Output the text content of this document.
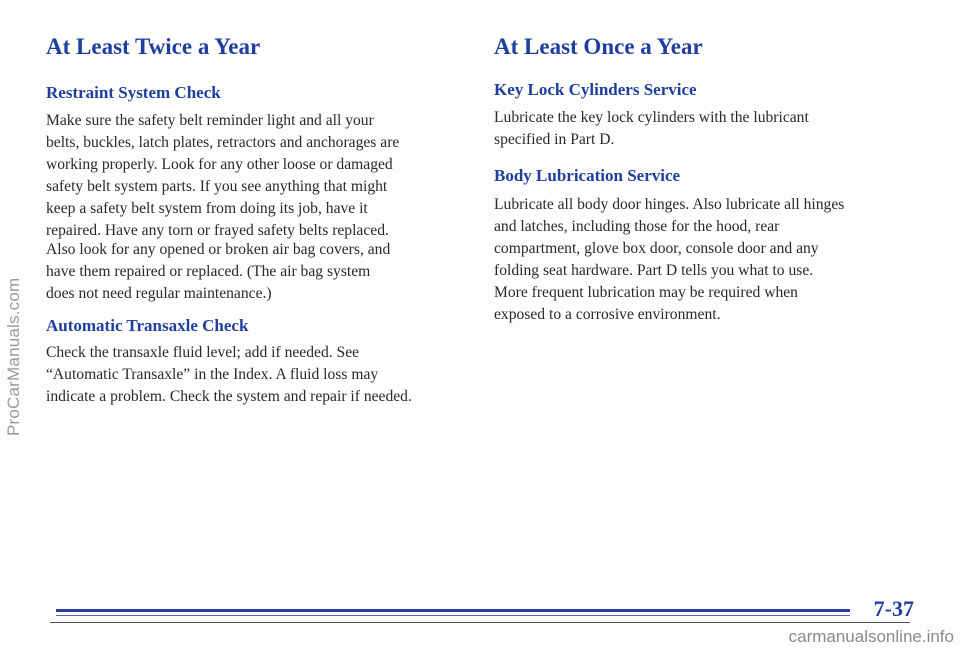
ProCarManuals.com
At Least Twice a Year
Restraint System Check

Make sure the safety belt reminder light and all your
belts, buckles, latch plates, retractors and anchorages are
working properly. Look for any other loose or damaged
safety belt system parts. If you see anything that might
keep a safety belt system from doing its job, have it
repaired. Have any torn or frayed safety belts replaced.

Also look for any opened or broken air bag covers, and
have them repaired or replaced. (The air bag system
does not need regular maintenance.)

Automatic Transaxle Check

Check the transaxle fluid level; add if needed. See
“Automatic Transaxle” in the Index. A fluid loss may
indicate a problem. Check the system and repair if needed.

At Least Once a Year
Key Lock Cylinders Service

Lubricate the key lock cylinders with the lubricant
specified in Part D.

Body Lubrication Service

Lubricate all body door hinges. Also lubricate all hinges
and latches, including those for the hood, rear
compartment, glove box door, console door and any
folding seat hardware. Part D tells you what to use.
More frequent lubrication may be required when
exposed to a corrosive environment.

7-37
carmanualsonline.info
